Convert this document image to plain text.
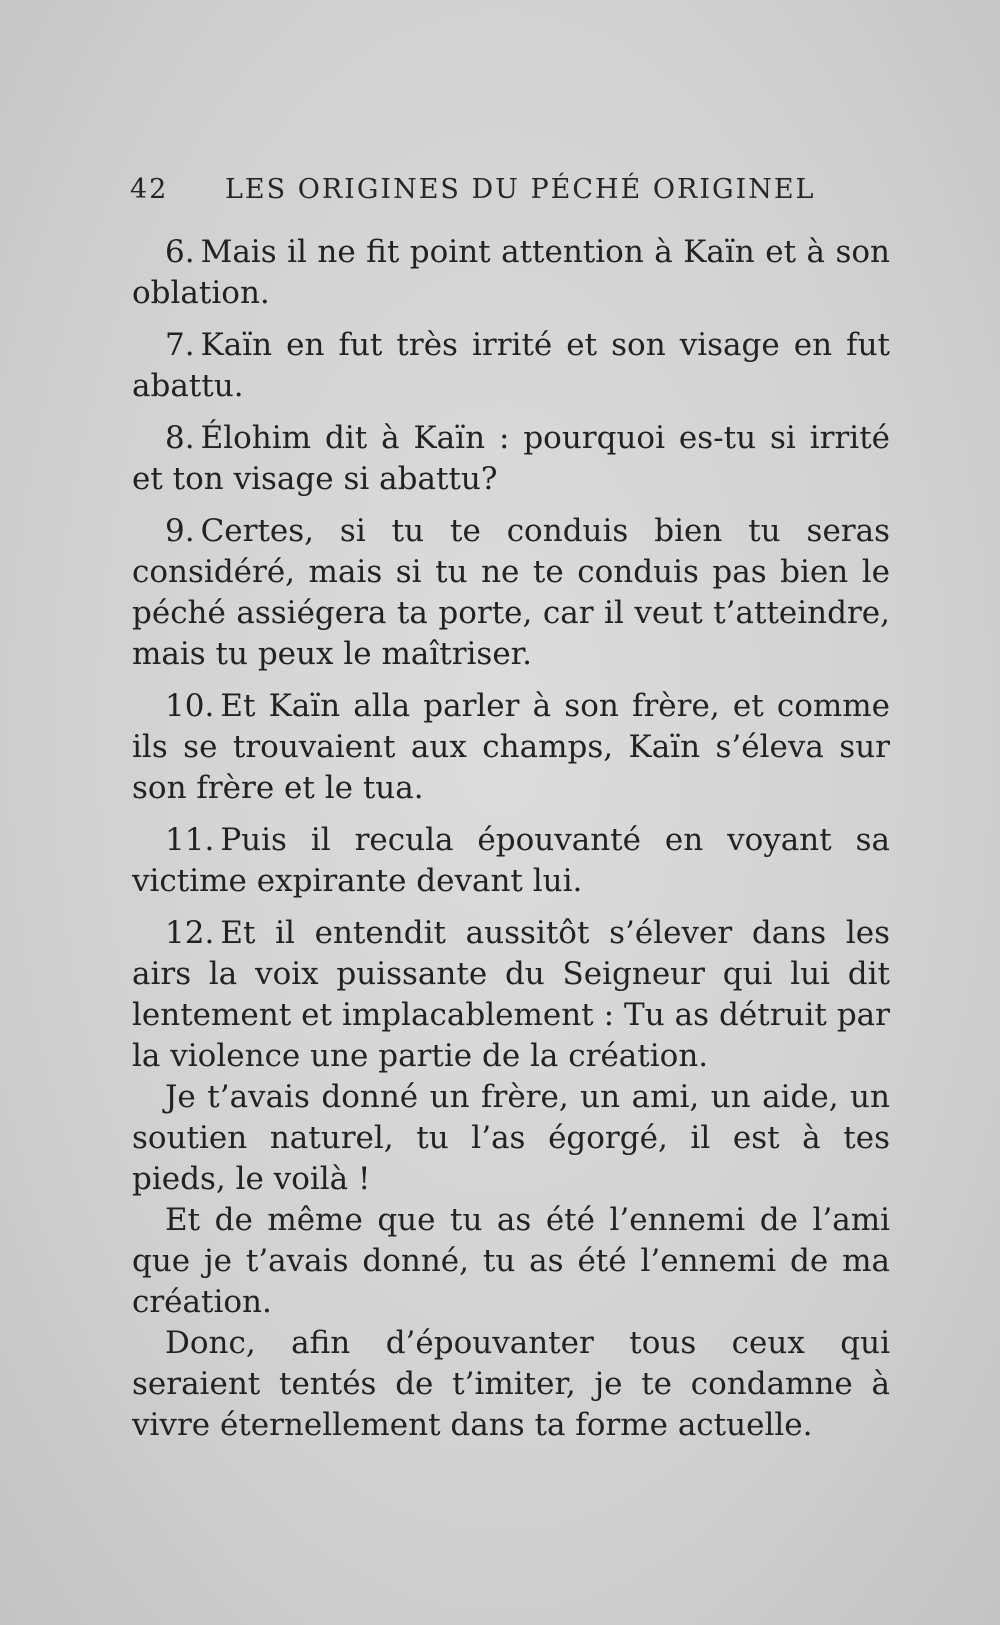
42 LES ORIGINES DU PÉCHÉ ORIGINEL

6. Mais il ne fit point attention à Kaïn et à son oblation.

7. Kaïn en fut très irrité et son visage en fut abattu.

8. Élohim dit à Kaïn : pourquoi es-tu si irrité et ton visage si abattu?

9. Certes, si tu te conduis bien tu seras considéré, mais si tu ne te conduis pas bien le péché assiégera ta porte, car il veut t’atteindre, mais tu peux le maîtriser.

10. Et Kaïn alla parler à son frère, et comme ils se trouvaient aux champs, Kaïn s’éleva sur son frère et le tua.

11. Puis il recula épouvanté en voyant sa victime expirante devant lui.

12. Et il entendit aussitôt s’élever dans les airs la voix puissante du Seigneur qui lui dit lentement et implacablement : Tu as détruit par la violence une partie de la création.

Je t’avais donné un frère, un ami, un aide, un soutien naturel, tu l’as égorgé, il est à tes pieds, le voilà !

Et de même que tu as été l’ennemi de l’ami que je t’avais donné, tu as été l’ennemi de ma création.

Donc, afin d’épouvanter tous ceux qui seraient tentés de t’imiter, je te condamne à vivre éternellement dans ta forme actuelle.
